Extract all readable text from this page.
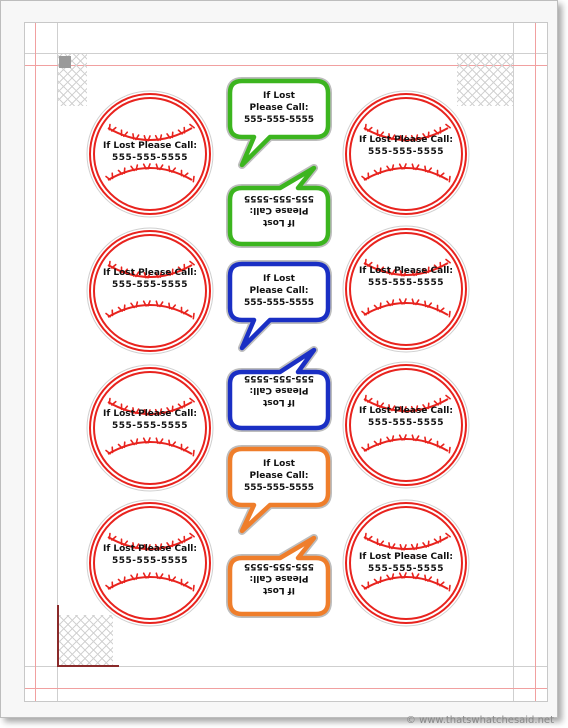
If Lost Please Call:
555-555-5555
If Lost Please Call:
555-555-5555
If Lost Please Call:
555-555-5555
If Lost Please Call:
555-555-5555
If Lost Please Call:
555-555-5555
If Lost Please Call:
555-555-5555
If Lost Please Call:
555-555-5555
If Lost Please Call:
555-555-5555
If Lost
Please Call:
555-555-5555
If Lost
Please Call:
555-555-5555
If Lost
Please Call:
555-555-5555
If Lost
Please Call:
555-555-5555
If Lost
Please Call:
555-555-5555
If Lost
Please Call:
555-555-5555
© www.thatswhatchesaid.net
